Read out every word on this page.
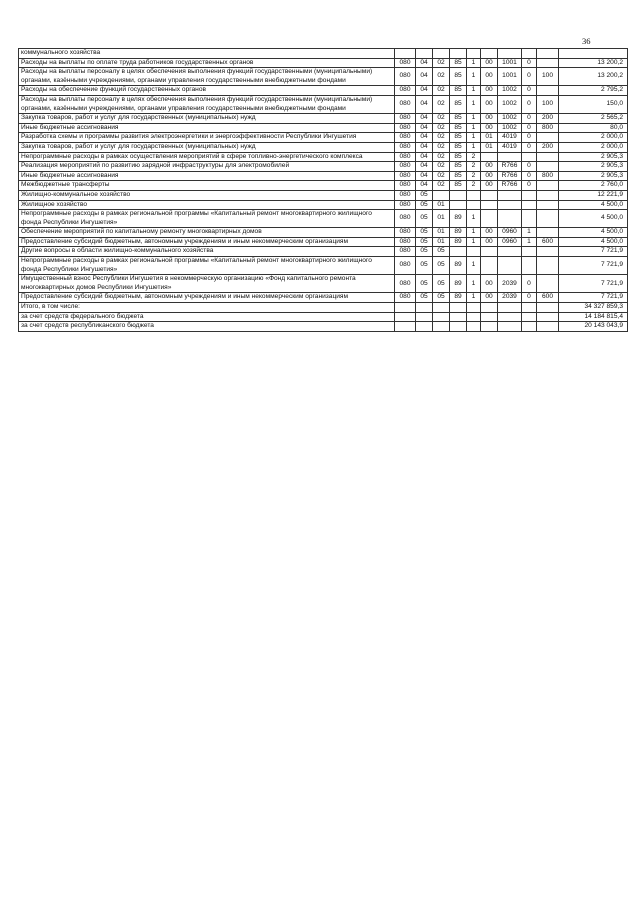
36
коммунального хозяйства										
Расходы на выплаты по оплате труда работников государственных органов	080	04	02	85	1	00	1001	0		13 200,2
Расходы на выплаты персоналу в целях обеспечения выполнения функций государственными (муниципальными) органами, казёнными учреждениями, органами управления государственными внебюджетными фондами	080	04	02	85	1	00	1001	0	100	13 200,2
Расходы на обеспечение функций государственных органов	080	04	02	85	1	00	1002	0		2 795,2
Расходы на выплаты персоналу в целях обеспечения выполнения функций государственными (муниципальными) органами, казёнными учреждениями, органами управления государственными внебюджетными фондами	080	04	02	85	1	00	1002	0	100	150,0
Закупка товаров, работ и услуг для государственных (муниципальных) нужд	080	04	02	85	1	00	1002	0	200	2 565,2
Иные бюджетные ассигнования	080	04	02	85	1	00	1002	0	800	80,0
Разработка схемы и программы развития электроэнергетики и энергоэффективности Республики Ингушетия	080	04	02	85	1	01	4019	0		2 000,0
Закупка товаров, работ и услуг для государственных (муниципальных) нужд	080	04	02	85	1	01	4019	0	200	2 000,0
Непрограммные расходы в рамках осуществления мероприятий в сфере топливно-энергетического комплекса	080	04	02	85	2					2 905,3
Реализация мероприятий по развитию зарядной инфраструктуры для электромобилей	080	04	02	85	2	00	R766	0		2 905,3
Иные бюджетные ассигнования	080	04	02	85	2	00	R766	0	800	2 905,3
Межбюджетные трансферты	080	04	02	85	2	00	R766	0		2 760,0
Жилищно-коммунальное хозяйство	080	05								12 221,9
Жилищное хозяйство	080	05	01							4 500,0
Непрограммные расходы в рамках региональной программы «Капитальный ремонт многоквартирного жилищного фонда Республики Ингушетия»	080	05	01	89	1					4 500,0
Обеспечение мероприятий по капитальному ремонту многоквартирных домов	080	05	01	89	1	00	0960	1		4 500,0
Предоставление субсидий бюджетным, автономным учреждениям и иным некоммерческим организациям	080	05	01	89	1	00	0960	1	600	4 500,0
Другие вопросы в области жилищно-коммунального хозяйства	080	05	05							7 721,9
Непрограммные расходы в рамках региональной программы «Капитальный ремонт многоквартирного жилищного фонда Республики Ингушетия»	080	05	05	89	1					7 721,9
Имущественный взнос Республики Ингушетия в некоммерческую организацию «Фонд капитального ремонта многоквартирных домов Республики Ингушетия»	080	05	05	89	1	00	2039	0		7 721,9
Предоставление субсидий бюджетным, автономным учреждениям и иным некоммерческим организациям	080	05	05	89	1	00	2039	0	600	7 721,9
Итого, в том числе:										34 327 859,3
за счет средств федерального бюджета										14 184 815,4
за счет средств республиканского бюджета										20 143 043,9
